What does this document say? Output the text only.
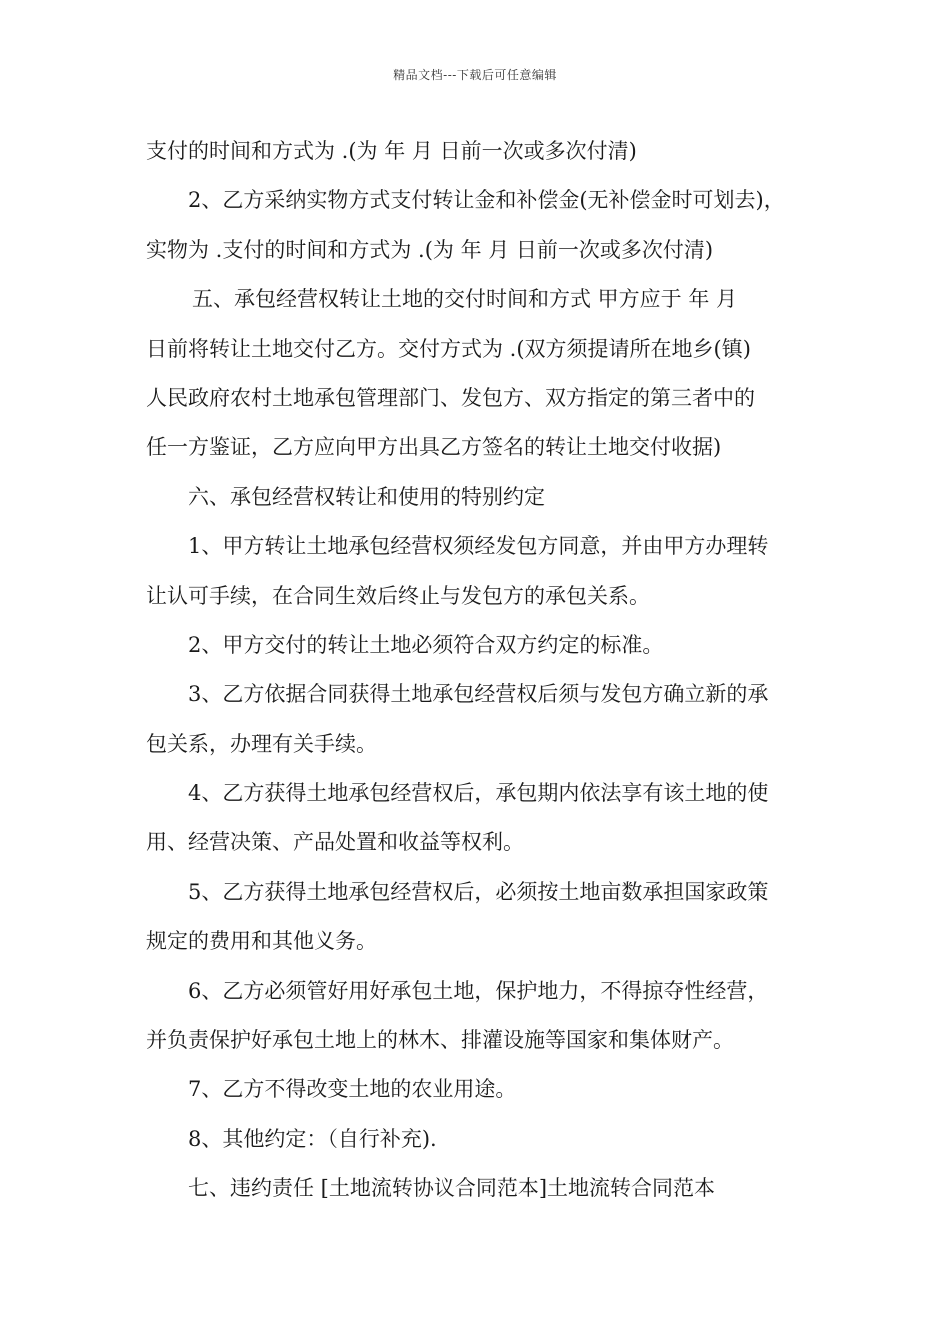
精品文档---下载后可任意编辑
支付的时间和方式为 .(为 年 月 日前一次或多次付清)
2、乙方采纳实物方式支付转让金和补偿金(无补偿金时可划去)，
实物为 .支付的时间和方式为 .(为 年 月 日前一次或多次付清)
五、承包经营权转让土地的交付时间和方式 甲方应于 年 月
日前将转让土地交付乙方。交付方式为 .(双方须提请所在地乡(镇)
人民政府农村土地承包管理部门、发包方、双方指定的第三者中的
任一方鉴证，乙方应向甲方出具乙方签名的转让土地交付收据)
六、承包经营权转让和使用的特别约定
1、甲方转让土地承包经营权须经发包方同意，并由甲方办理转
让认可手续，在合同生效后终止与发包方的承包关系。
2、甲方交付的转让土地必须符合双方约定的标准。
3、乙方依据合同获得土地承包经营权后须与发包方确立新的承
包关系，办理有关手续。
4、乙方获得土地承包经营权后，承包期内依法享有该土地的使
用、经营决策、产品处置和收益等权利。
5、乙方获得土地承包经营权后，必须按土地亩数承担国家政策
规定的费用和其他义务。
6、乙方必须管好用好承包土地，保护地力，不得掠夺性经营，
并负责保护好承包土地上的林木、排灌设施等国家和集体财产。
7、乙方不得改变土地的农业用途。
8、其他约定：（自行补充).
七、违约责任 [土地流转协议合同范本]土地流转合同范本
